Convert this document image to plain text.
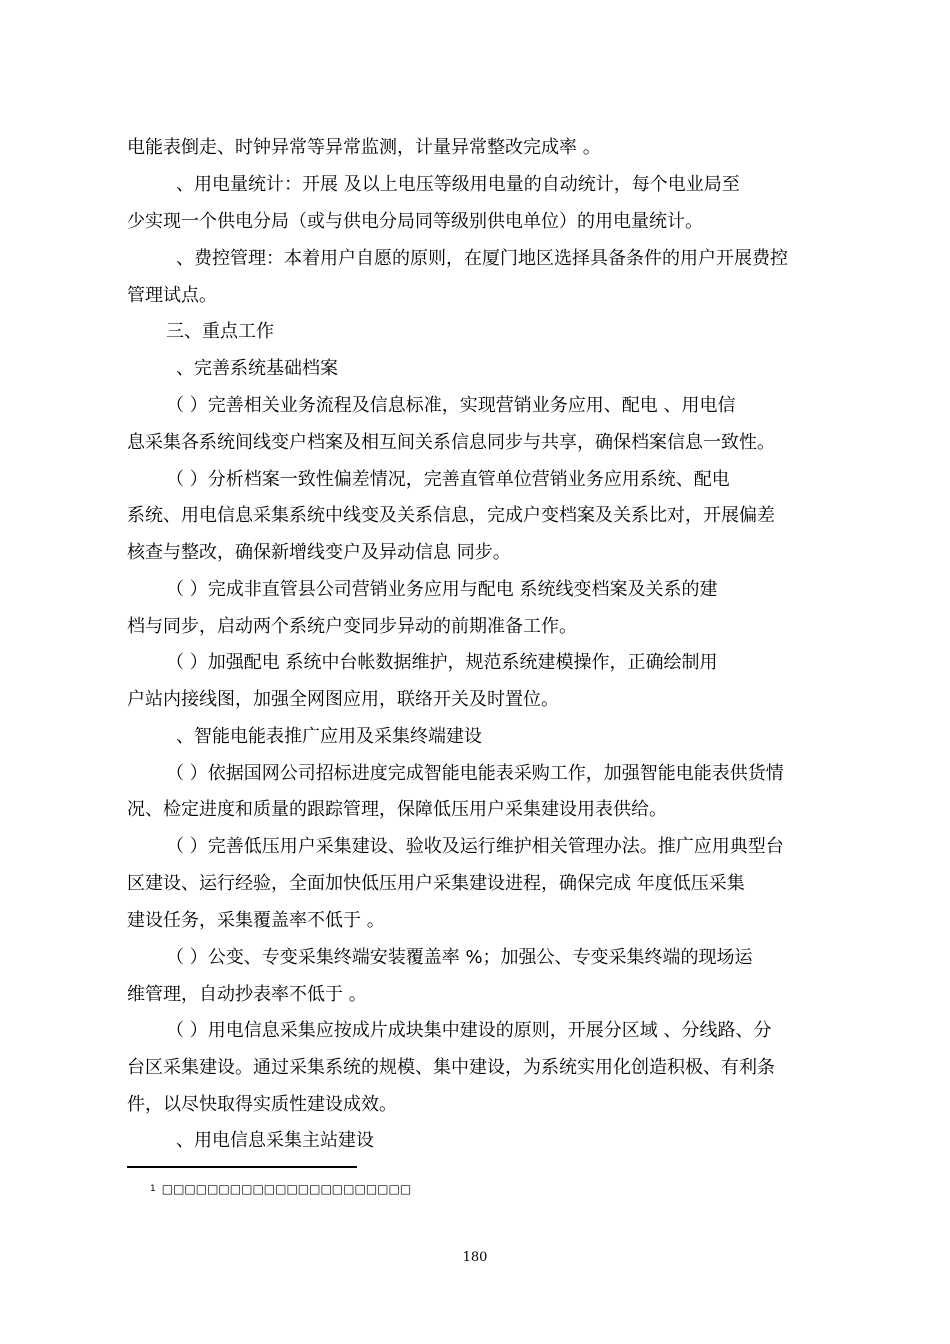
电能表倒走、时钟异常等异常监测，计量异常整改完成率 。
、用电量统计：开展 及以上电压等级用电量的自动统计，每个电业局至
少实现一个供电分局（或与供电分局同等级别供电单位）的用电量统计。
、费控管理：本着用户自愿的原则，在厦门地区选择具备条件的用户开展费控
管理试点。
三、重点工作
、完善系统基础档案
（ ）完善相关业务流程及信息标准，实现营销业务应用、配电 、用电信
息采集各系统间线变户档案及相互间关系信息同步与共享，确保档案信息一致性。
（ ）分析档案一致性偏差情况，完善直管单位营销业务应用系统、配电
系统、用电信息采集系统中线变及关系信息，完成户变档案及关系比对，开展偏差
核查与整改，确保新增线变户及异动信息 同步。
（ ）完成非直管县公司营销业务应用与配电 系统线变档案及关系的建
档与同步，启动两个系统户变同步异动的前期准备工作。
（ ）加强配电 系统中台帐数据维护，规范系统建模操作，正确绘制用
户站内接线图，加强全网图应用，联络开关及时置位。
、智能电能表推广应用及采集终端建设
（ ）依据国网公司招标进度完成智能电能表采购工作，加强智能电能表供货情
况、检定进度和质量的跟踪管理，保障低压用户采集建设用表供给。
（ ）完善低压用户采集建设、验收及运行维护相关管理办法。推广应用典型台
区建设、运行经验，全面加快低压用户采集建设进程，确保完成 年度低压采集
建设任务，采集覆盖率不低于 。
（ ）公变、专变采集终端安装覆盖率 %；加强公、专变采集终端的现场运
维管理，自动抄表率不低于 。
（ ）用电信息采集应按成片成块集中建设的原则，开展分区域 、分线路、分
台区采集建设。通过采集系统的规模、集中建设，为系统实用化创造积极、有利条
件，以尽快取得实质性建设成效。
、用电信息采集主站建设
$^1$ □□□□□□□□□□□□□□□□□□□□□□
180
